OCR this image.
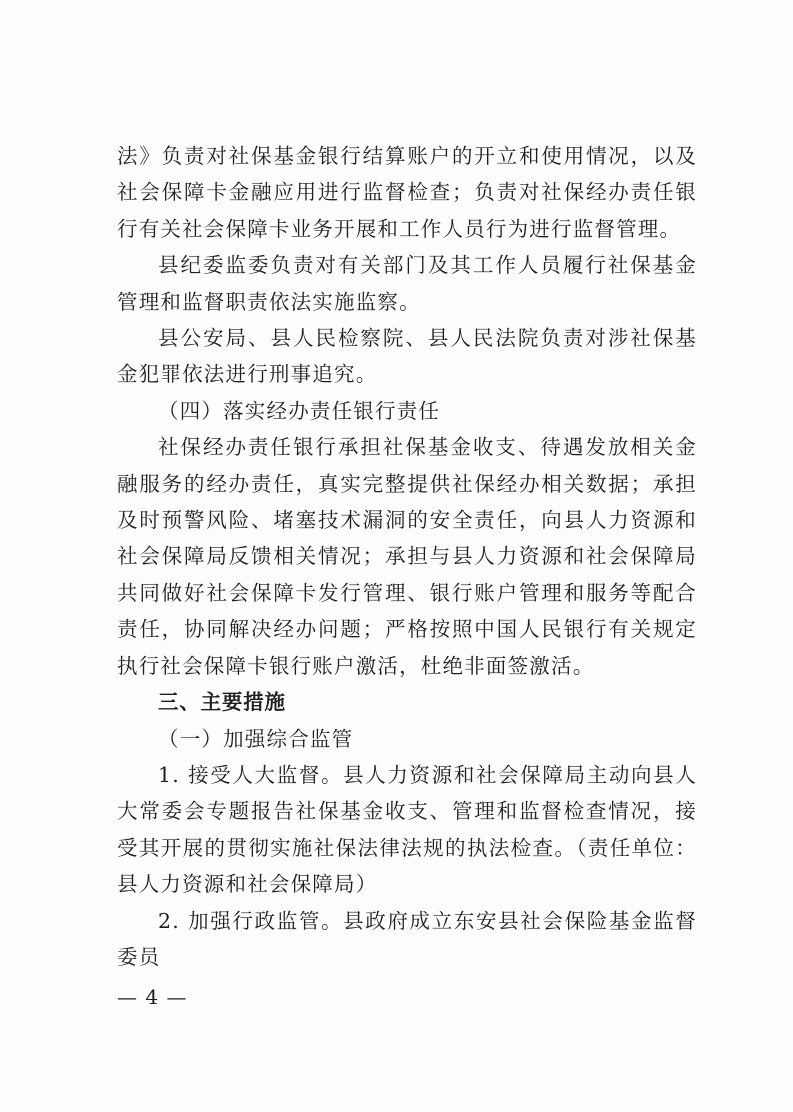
法》负责对社保基金银行结算账户的开立和使用情况，以及社会保障卡金融应用进行监督检查；负责对社保经办责任银行有关社会保障卡业务开展和工作人员行为进行监督管理。

县纪委监委负责对有关部门及其工作人员履行社保基金管理和监督职责依法实施监察。

县公安局、县人民检察院、县人民法院负责对涉社保基金犯罪依法进行刑事追究。

（四）落实经办责任银行责任

社保经办责任银行承担社保基金收支、待遇发放相关金融服务的经办责任，真实完整提供社保经办相关数据；承担及时预警风险、堵塞技术漏洞的安全责任，向县人力资源和社会保障局反馈相关情况；承担与县人力资源和社会保障局共同做好社会保障卡发行管理、银行账户管理和服务等配合责任，协同解决经办问题；严格按照中国人民银行有关规定执行社会保障卡银行账户激活，杜绝非面签激活。

三、主要措施

（一）加强综合监管

1. 接受人大监督。县人力资源和社会保障局主动向县人大常委会专题报告社保基金收支、管理和监督检查情况，接受其开展的贯彻实施社保法律法规的执法检查。（责任单位：县人力资源和社会保障局）

2. 加强行政监管。县政府成立东安县社会保险基金监督委员

— 4 —
